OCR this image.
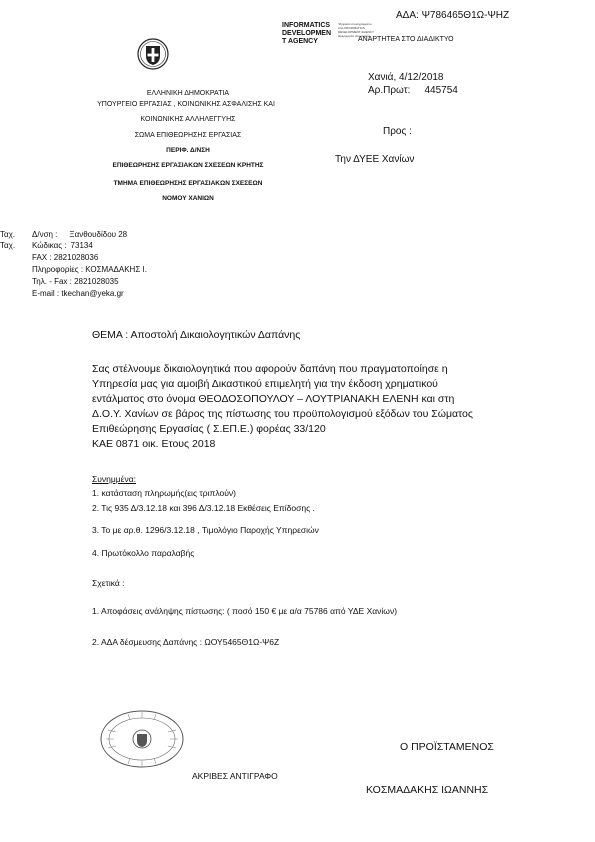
ΑΔΑ: Ψ786465Θ1Ω-ΨΗΖ
INFORMATICS
DEVELOPMEN
T AGENCY
Ψηφιακά υπογεγραμμένο
από INFORMATICS
DEVELOPMENT AGENCY
Ημερομηνία υπογραφής
ΑΝΑΡΤΗΤΕΑ ΣΤΟ ΔΙΑΔΙΚΤΥΟ
ΕΛΛΗΝΙΚΗ ΔΗΜΟΚΡΑΤΙΑ
ΥΠΟΥΡΓΕΙΟ ΕΡΓΑΣΙΑΣ , ΚΟΙΝΩΝΙΚΗΣ ΑΣΦΑΛΙΣΗΣ ΚΑΙ
ΚΟΙΝΩΝΙΚΗΣ ΑΛΛΗΛΕΓΓΥΗΣ
ΣΩΜΑ ΕΠΙΘΕΩΡΗΣΗΣ ΕΡΓΑΣΙΑΣ
ΠΕΡΙΦ. Δ/ΝΣΗ
ΕΠΙΘΕΩΡΗΣΗΣ ΕΡΓΑΣΙΑΚΩΝ ΣΧΕΣΕΩΝ ΚΡΗΤΗΣ
ΤΜΗΜΑ ΕΠΙΘΕΩΡΗΣΗΣ ΕΡΓΑΣΙΑΚΩΝ ΣΧΕΣΕΩΝ
ΝΟΜΟΥ ΧΑΝΙΩΝ
Χανιά, 4/12/2018
Αρ.Πρωτ: 445754
Προς :
Την ΔΥΕΕ Χανίων
Ταχ. Δ/νση : Ξανθουδίδου 28
Ταχ. Κώδικας : 73134
FAX : 2821028036
Πληροφορίες : ΚΟΣΜΑΔΑΚΗΣ Ι.
Τηλ. - Fax : 2821028035
E-mail : tkechan@yeka.gr
ΘΕΜΑ : Αποστολή Δικαιολογητικών Δαπάνης
Σας στέλνουμε δικαιολογητικά που αφορούν δαπάνη που πραγματοποίησε η
Υπηρεσία μας για αμοιβή Δικαστικού επιμελητή για την έκδοση χρηματικού
εντάλματος στο όνομα ΘΕΟΔΟΣΟΠΟΥΛΟΥ – ΛΟΥΤΡΙΑΝΑΚΗ ΕΛΕΝΗ και στη
Δ.Ο.Υ. Χανίων σε βάρος της πίστωσης του προϋπολογισμού εξόδων του Σώματος
Επιθεώρησης Εργασίας ( Σ.ΕΠ.Ε.) φορέας 33/120
ΚΑΕ 0871 οικ. Ετους 2018
Συνημμένα:
1. κατάσταση πληρωμής(εις τριπλούν)
2. Τις 935 Δ/3.12.18 και 396 Δ/3.12.18 Εκθέσεις Επίδοσης .
3. Το με αρ.θ. 1296/3.12.18 , Τιμολόγιο Παροχής Υπηρεσιών
4. Πρωτόκολλο παραλαβής
Σχετικά :
1. Αποφάσεις ανάληψης πίστωσης: ( ποσό 150 € με α/α 75786 από ΥΔΕ Χανίων)
2. ΑΔΑ δέσμευσης Δαπάνης : ΩΟΥ5465Θ1Ω-Ψ6Ζ
ΑΚΡΙΒΕΣ ΑΝΤΙΓΡΑΦΟ
Ο ΠΡΟΪΣΤΑΜΕΝΟΣ
ΚΟΣΜΑΔΑΚΗΣ ΙΩΑΝΝΗΣ
